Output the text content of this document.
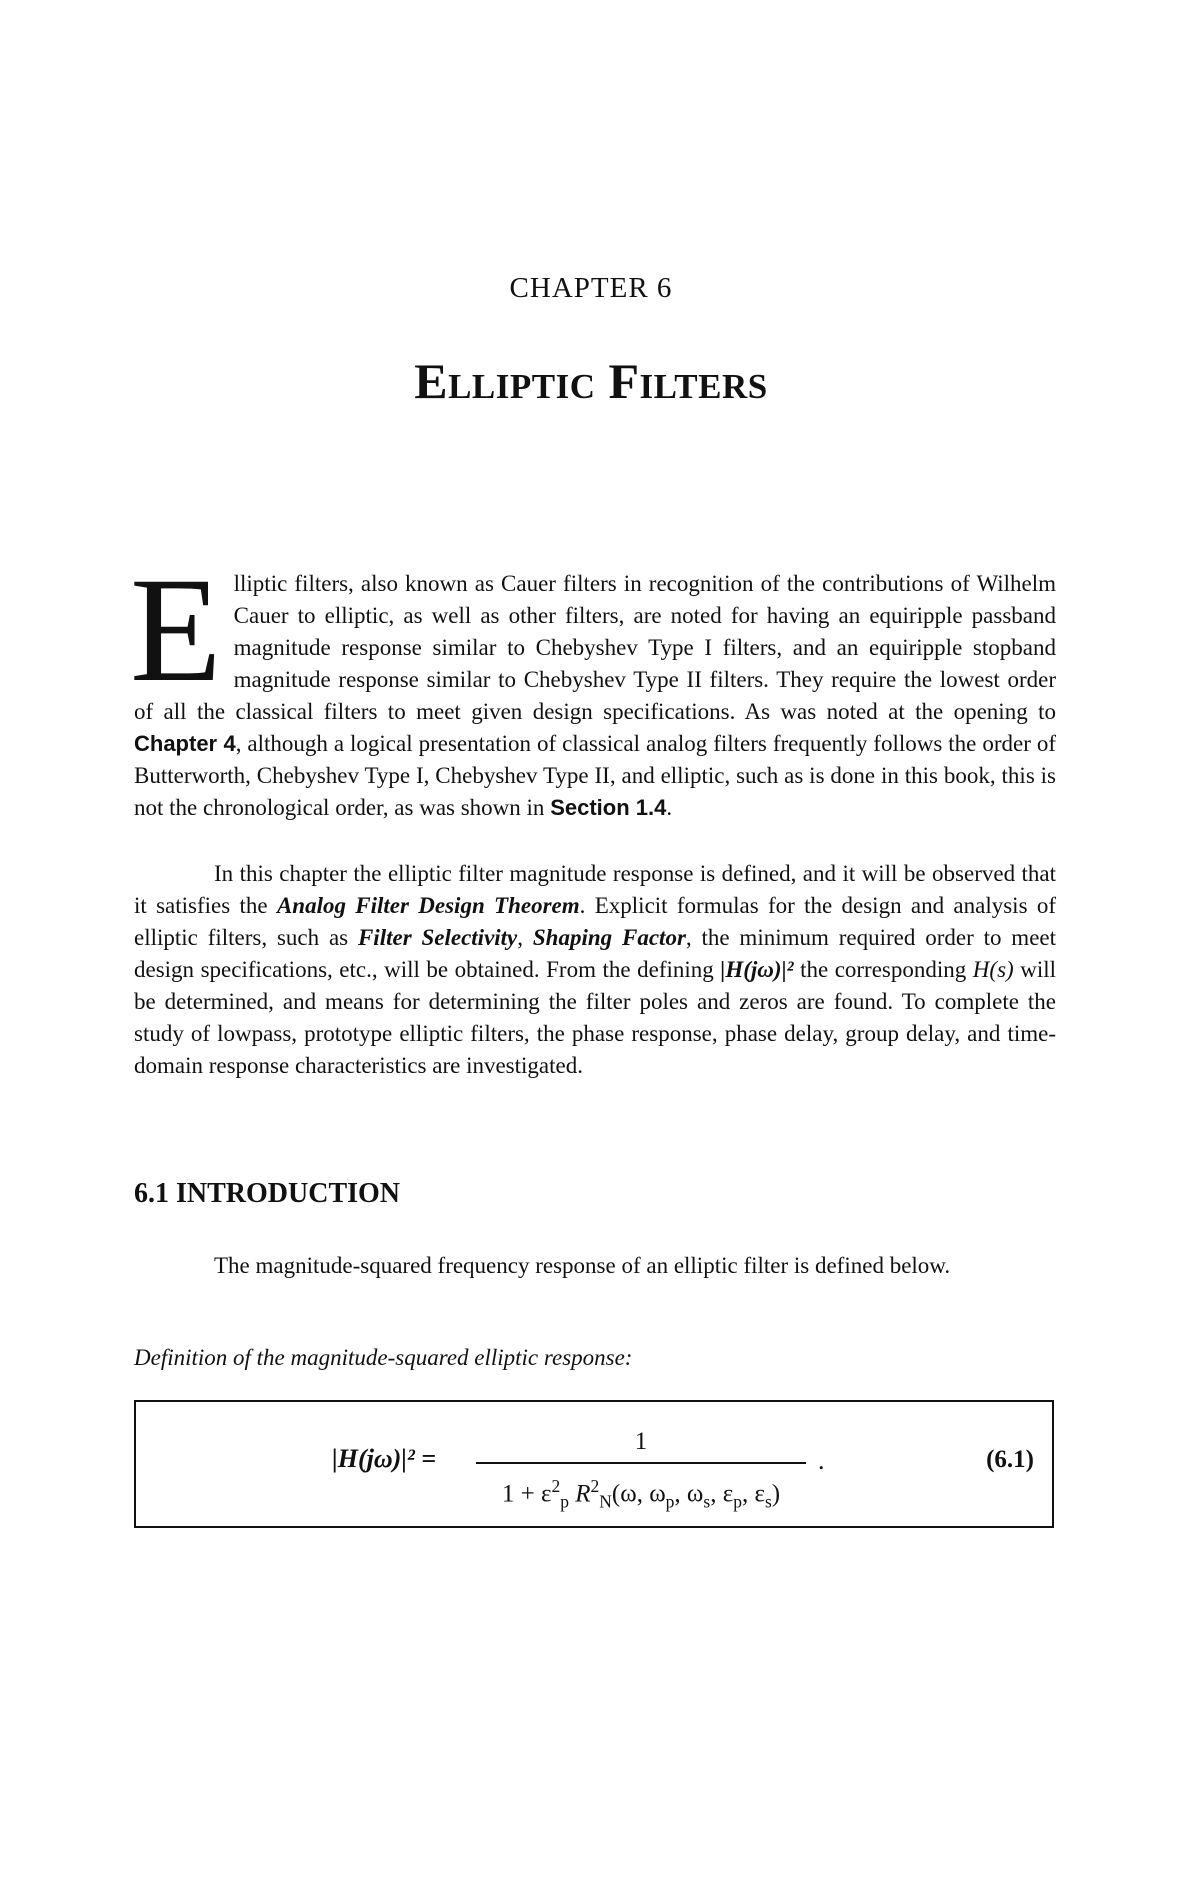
CHAPTER 6
Elliptic Filters
Elliptic filters, also known as Cauer filters in recognition of the contributions of Wilhelm Cauer to elliptic, as well as other filters, are noted for having an equiripple passband magnitude response similar to Chebyshev Type I filters, and an equiripple stopband magnitude response similar to Chebyshev Type II filters. They require the lowest order of all the classical filters to meet given design specifications. As was noted at the opening to Chapter 4, although a logical presentation of classical analog filters frequently follows the order of Butterworth, Chebyshev Type I, Chebyshev Type II, and elliptic, such as is done in this book, this is not the chronological order, as was shown in Section 1.4.
In this chapter the elliptic filter magnitude response is defined, and it will be observed that it satisfies the Analog Filter Design Theorem. Explicit formulas for the design and analysis of elliptic filters, such as Filter Selectivity, Shaping Factor, the minimum required order to meet design specifications, etc., will be obtained. From the defining |H(jω)|² the corresponding H(s) will be determined, and means for determining the filter poles and zeros are found. To complete the study of lowpass, prototype elliptic filters, the phase response, phase delay, group delay, and time-domain response characteristics are investigated.
6.1 INTRODUCTION
The magnitude-squared frequency response of an elliptic filter is defined below.
Definition of the magnitude-squared elliptic response:
|H(jω)|² =
1
$1 + \varepsilon^2_p$ $R^2_N(\omega$, $\omega_p$, $\omega_s$, $\varepsilon_p$, $\varepsilon_s$)
.	(6.1)
